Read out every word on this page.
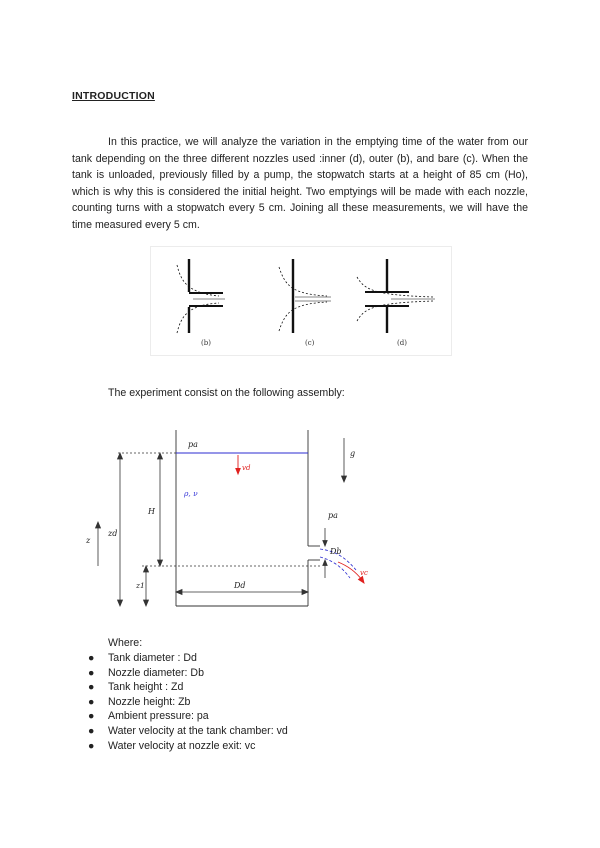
INTRODUCTION

In this practice, we will analyze the variation in the emptying time of the water from our tank depending on the three different nozzles used :inner (d), outer (b), and bare (c). When the tank is unloaded, previously filled by a pump, the stopwatch starts at a height of 85 cm (Ho), which is why this is considered the initial height. Two emptyings will be made with each nozzle, counting turns with a stopwatch every 5 cm. Joining all these measurements, we will have the time measured every 5 cm.

(b)	(c)	(d)
The experiment consist on the following assembly:
pa
vd
g
H
ρ, ν
pa
zd
z
Db
z1	Dd
vc
Where:
● Tank diameter : Dd
● Nozzle diameter: Db
● Tank height : Zd
● Nozzle height: Zb
● Ambient pressure: pa
● Water velocity at the tank chamber: vd
● Water velocity at nozzle exit: vc
